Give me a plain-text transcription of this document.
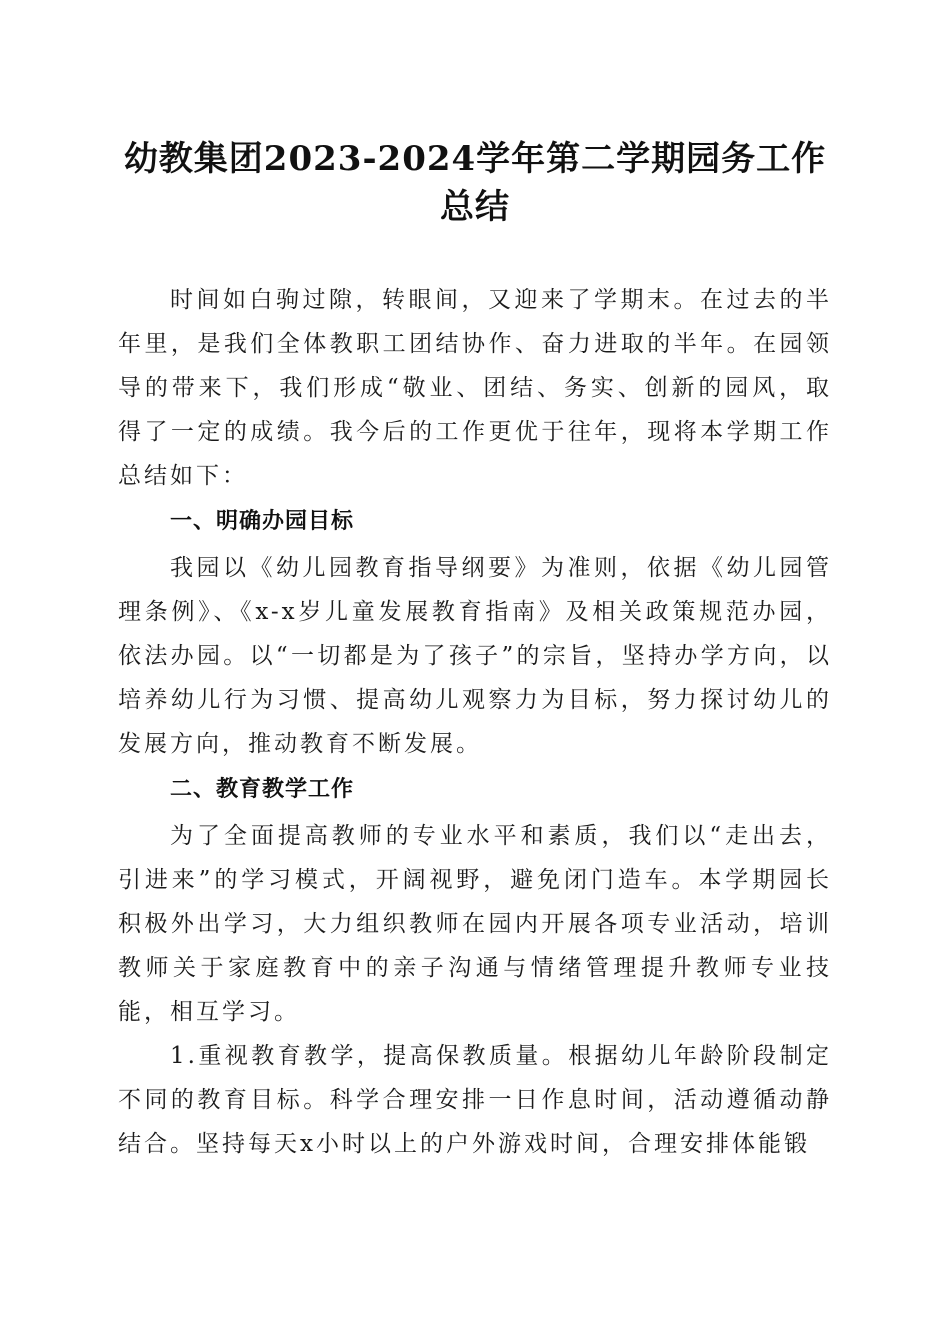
幼教集团2023-2024学年第二学期园务工作总结

时间如白驹过隙，转眼间，又迎来了学期末。在过去的半年里，是我们全体教职工团结协作、奋力进取的半年。在园领导的带来下，我们形成“敬业、团结、务实、创新的园风，取得了一定的成绩。我今后的工作更优于往年，现将本学期工作总结如下：

一、明确办园目标

我园以《幼儿园教育指导纲要》为准则，依据《幼儿园管理条例》、《x-x岁儿童发展教育指南》及相关政策规范办园，依法办园。以“一切都是为了孩子”的宗旨，坚持办学方向，以培养幼儿行为习惯、提高幼儿观察力为目标，努力探讨幼儿的发展方向，推动教育不断发展。

二、教育教学工作

为了全面提高教师的专业水平和素质，我们以“走出去，引进来”的学习模式，开阔视野，避免闭门造车。本学期园长积极外出学习，大力组织教师在园内开展各项专业活动，培训教师关于家庭教育中的亲子沟通与情绪管理提升教师专业技能，相互学习。

1.重视教育教学，提高保教质量。根据幼儿年龄阶段制定不同的教育目标。科学合理安排一日作息时间，活动遵循动静结合。坚持每天x小时以上的户外游戏时间，合理安排体能锻
